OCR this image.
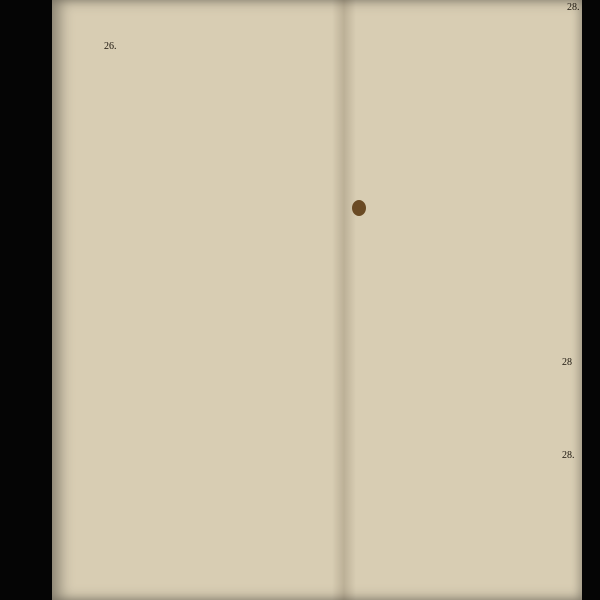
26.
28.
28
28.
